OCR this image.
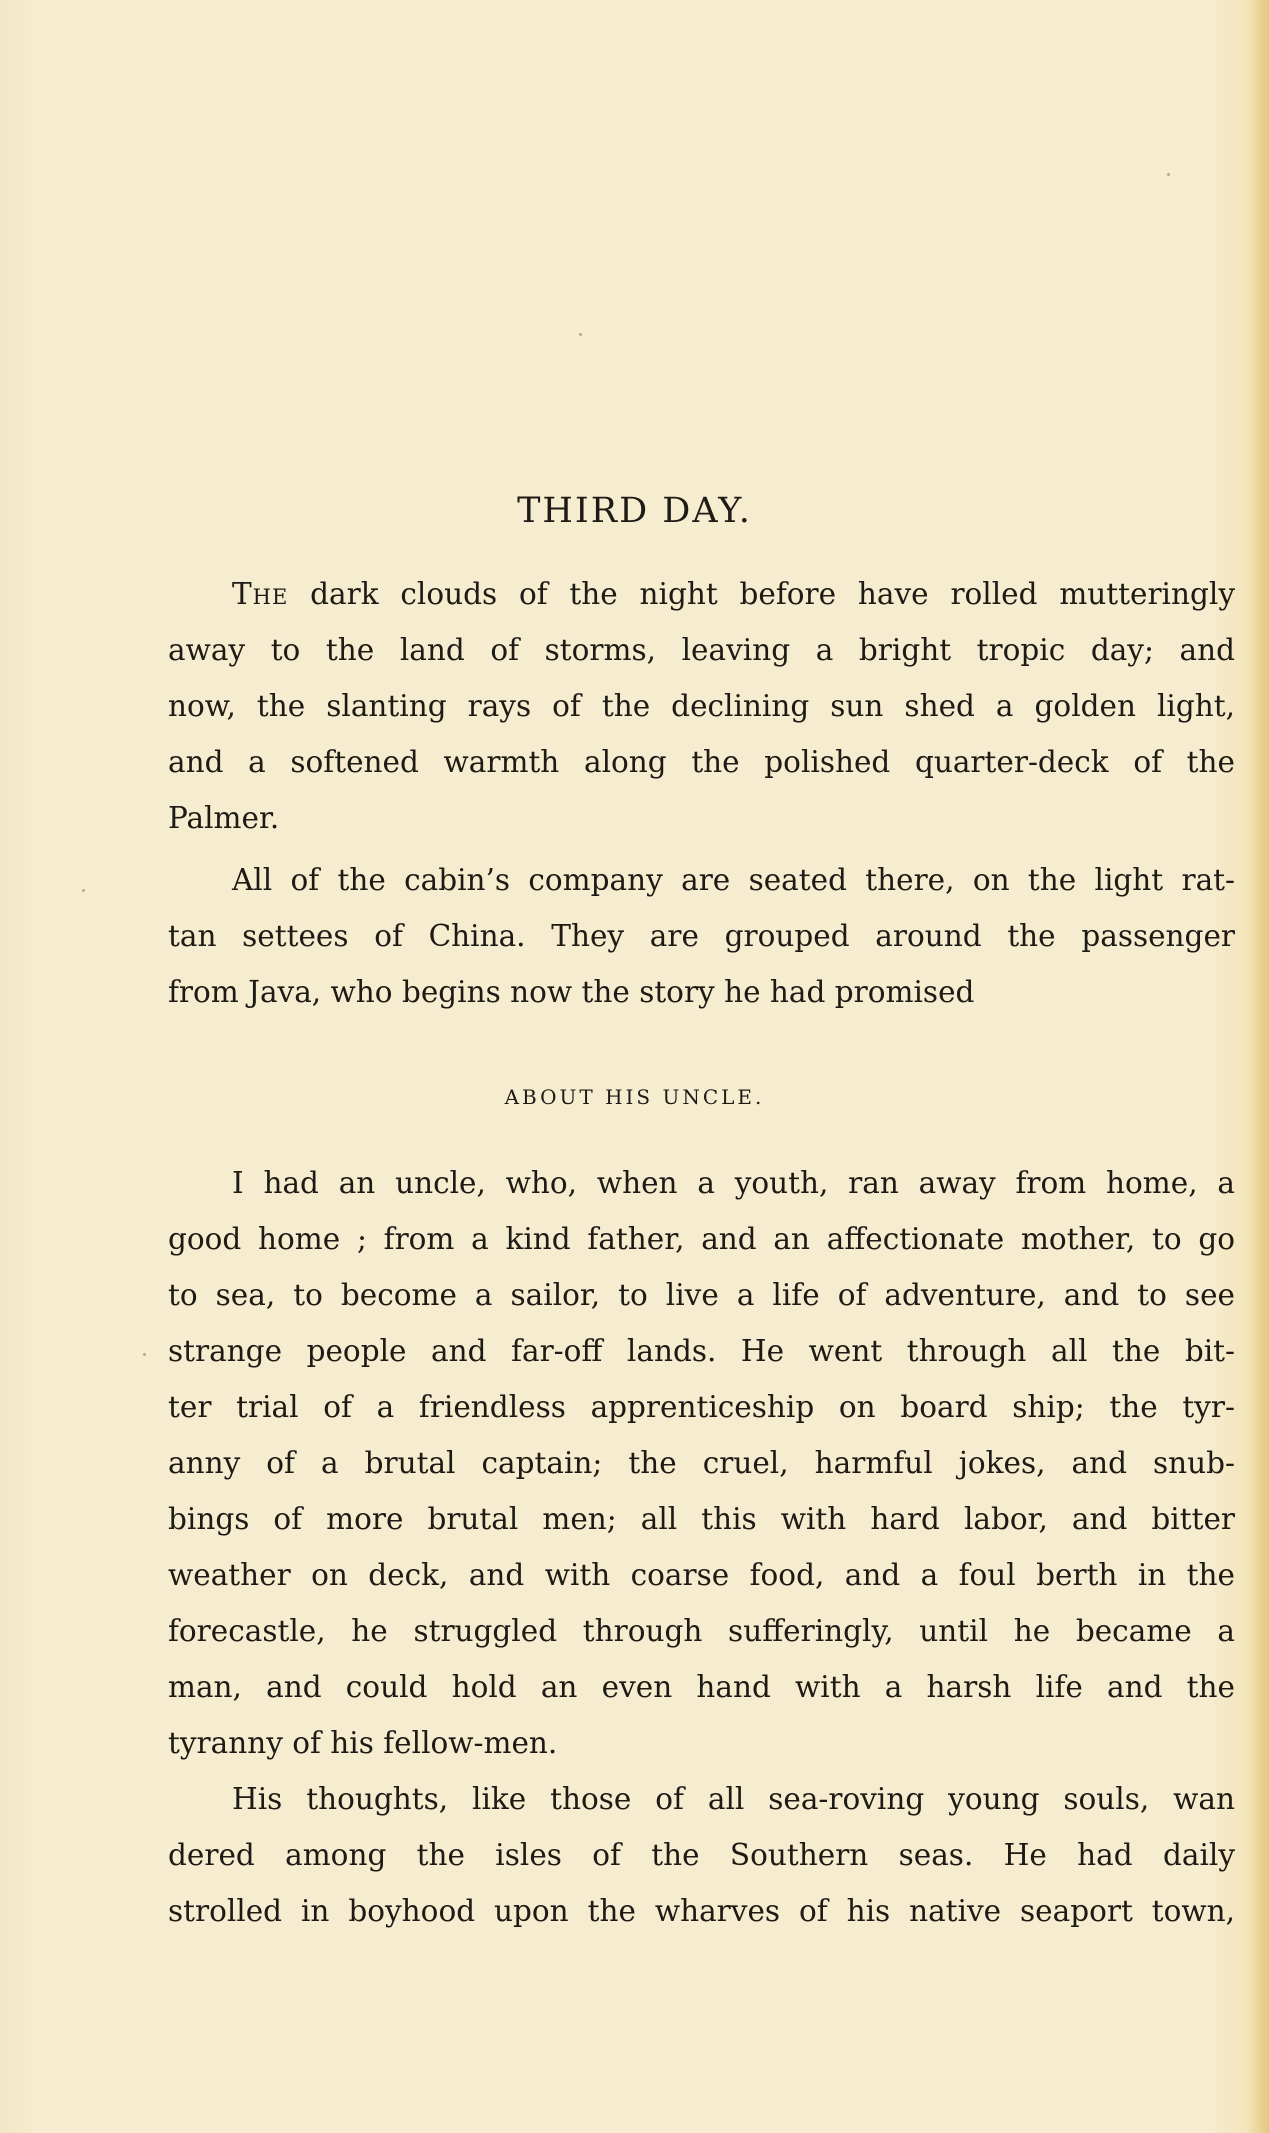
THIRD DAY.
The dark clouds of the night before have rolled mutteringly
away to the land of storms, leaving a bright tropic day; and
now, the slanting rays of the declining sun shed a golden light,
and a softened warmth along the polished quarter-deck of the
Palmer.
All of the cabin’s company are seated there, on the light rat-
tan settees of China. They are grouped around the passenger
from Java, who begins now the story he had promised
ABOUT HIS UNCLE.
I had an uncle, who, when a youth, ran away from home, a
good home ; from a kind father, and an affectionate mother, to go
to sea, to become a sailor, to live a life of adventure, and to see
strange people and far-off lands. He went through all the bit-
ter trial of a friendless apprenticeship on board ship; the tyr-
anny of a brutal captain; the cruel, harmful jokes, and snub-
bings of more brutal men; all this with hard labor, and bitter
weather on deck, and with coarse food, and a foul berth in the
forecastle, he struggled through sufferingly, until he became a
man, and could hold an even hand with a harsh life and the
tyranny of his fellow-men.
His thoughts, like those of all sea-roving young souls, wan
dered among the isles of the Southern seas. He had daily
strolled in boyhood upon the wharves of his native seaport town,
